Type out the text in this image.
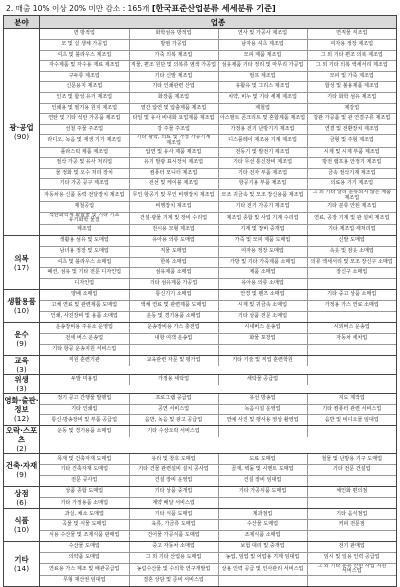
2. 매출 10% 이상 20% 미만 감소 : 165개 [한국표준산업분류 세세분류 기준]
분야	업종

광·공업
(90)

면 방적업	화학섬유 방적업	연사 및 가공사 제조업	면직물 직조업
모 및 실 생체 가공업	방염 가공업	남자용 셔츠 제조업	여자용 정장 제조업
셔츠 및 블라우스 제조업	가죽 의복 제조업	모피 제품 제조업	그 외 기타 편조 의복 제조업
자수제품 및 자수용 재료 제조업	직물, 편조 원단 및 의복류 염색 가공업	섬유제품 기타 정리 및 마무리 가공업	그 외 기타 의복 액세서리 제조업
구두류 제조업	기타 신발 제조업	펄프 제조업	모피 및 가죽 제조업
신문용지 제조업	기타 인쇄관련 산업	유활유 및 그리스 제조업	합성 및 불용제품 제조업
인조 및 합성 유기 제조업	화장품 제조업	치약, 비누 및 기타 세제 제조업	기타 화학 섬유 제조업
인쇄용 및 필기용 원지 제조업	열간 압연 및 압출제품 제조업	제철업	제강업
연탄 및 기타 석탄 가공품 제조업	타일 및 유사 비내화 요업제품 제조업	아스팔트 콘크리트 및 혼합제품 제조업	강관 가공품 및 관 연결구류 제조업
선철 주물 주조업	강 주물 주조업	가정용 전기 난방기기 제조업	연결 및 전환장치 제조업
라디오, 녹음 및 재생 기기 제조업	기타 광학, 의료 및 가정 가공기계 제조업	디스플레이 제조용 기계 제조업	금형 및 주형 제조업
플라스틱 제품 제조업	압연 및 유사 제품 제조업	전동기 및 발전기 제조업	시계 및 시계 부품 제조업
절삭 가공 및 유사 처리업	유기 발광 표시장치 제조업	기타 무선 통신장비 제조업	방전 램프용 안정기 제조업
물 정화 및 오수 처리 장치	컴퓨터 모니터 제조업	기타 전자 부품 제조업	금속 절삭기계 제조업
기타 가공 공구 제조업	전선 및 케이블 제조업	항공기용 부품 제조업	의료용 기기 제조업
자동차용 신품 동력 전달장치 제조업	무인 항공기 및 무인 비행장치 제조업	모조 귀금속 및 모조 장신용품 제조업	그 외 기타 달리 분류되지 않은 제품 제조업
제철공업	비행장치 제조업	기타 전기 가공기 제조업	기타 분류 안된 제조업
석탄화학계 화합물 및 기타 기초 유기화학 물질	건설·광물 기계 및 장비 수리업	제조업 종합 및 사업 기계 수리업	연료, 공장 기계 및 관 설비 제조업
제조업	전시용 모형 제조업	기계 및 장비 중개업	기타 제조업 재처리업

의복
(17)

생활용 섬유 및 도매업	유아용 의류 도매업	가죽 및 모피 제품 도매업	신발 도매업
남녀용 정장 및 도매업	직물 도매업	여자용 정장 도매업	속옷 및 잠옷 소매업
셔츠 및 블라우스 소매업	한복 소매업	가방 및 기타 가죽제품 소매업	의류 액세서리 및 모조 장신구 소매업
패션, 섬유 및 기타 전문 디자인업	섬유제품 소매업	제품 소매업	장신구 소매업
디자인업	기타 섬유제품 가공업	유아용 의류 소매업	

생활용품
(10)

양배 소매업	통신기기 소매업	안경 및 렌즈 소매업	기타 중고 상품 소매업
고체 연료 및 관련제품 도매업	액체 연료 및 관련제품 도매업	시계 및 귀금속 소매업	가정용 가스 연료 소매업
인쇄, 사진장비 및 용품 소매업	운동 및 경기용품 소매업	기타 상품 전문 소매업	

운수
(9)

운송장비용 주유소 운영업	운송장비용 가스 충전업	시내버스 운송업	시외버스 운송업
전세 버스 운송업	내항 여객 운송업	화물 포장업	자동차 세차업
기타 항공 운송지원 서비스업			

교육
(3)

직원 훈련기관	교육관련 자문 및 평가업	기타 기술 및 직업 훈련학원	

위생
(3)

두발 미용업	가정용 세탁업	세탁물 공급업	

영화·출판·정보
(12)

정기 공고 간행물 발행업	프로그램 공급업	유선 방송업	지도 제작업
기타 인쇄업	공연 서비스업	녹음시설 운영업	기타 컴퓨터 관련 서비스업
통신·방송장비 및 부품 공급업	음반, 녹음 및 광고 공급업	연예 사진 및 행사용 영상 촬영업	음반 및 비디오물 임대업

오락·스포츠
(2)

운동 및 경기용품 소매업	기타 수상오락 서비스업		

건축·자재
(9)

목재 및 건축자재 도매업	유리 및 창호 도매업	도료 도매업	철물 및 난방용 기구 도매업
기타 건축자재 도매업	기타 건물 관련설비 설치 공사업	골재, 벽돌 및 시멘트 도매업	기타 전문 건설업
전문 공사업	건설 장비 운영업	건설 장비 임대업	

상점
(6)

상품 종합 도매업	기타 상품 중개업	기타 가공식품 도매업	체인화 편의점
기타 가정용품 소매업	계약 배달 서비스업		

식품
(10)

과실, 채소 도매업	기타 식품 도매업	제과점업	기타 음식점업
곡물 및 식물 도매업	육류, 가금류 도매업	수산물 도매업	커피 전문점
식용 수산물 및 조제식품 판매업	건어물 가공식품 도매업	조제식품 소매업	

기타
(14)

수산물 도매업	중고 자동차 소매업	보험 대리 및 중개업	전기 판매업
의약품 도매업	그 외 기타 산업용 도매업	농업, 임업 및 어업용 기계 임대업	임시 및 일용 인력 공급업
연료용 가스 제조 및 배관공급업	농림수산물 및 수의학 연구개발업	상용 인력 공급 및 인사관리 서비스업	그 외 기타 분류 안된 사업 지원 서비스업
무형 재산권 임대업	결혼 상담 및 준비 서비스업		
